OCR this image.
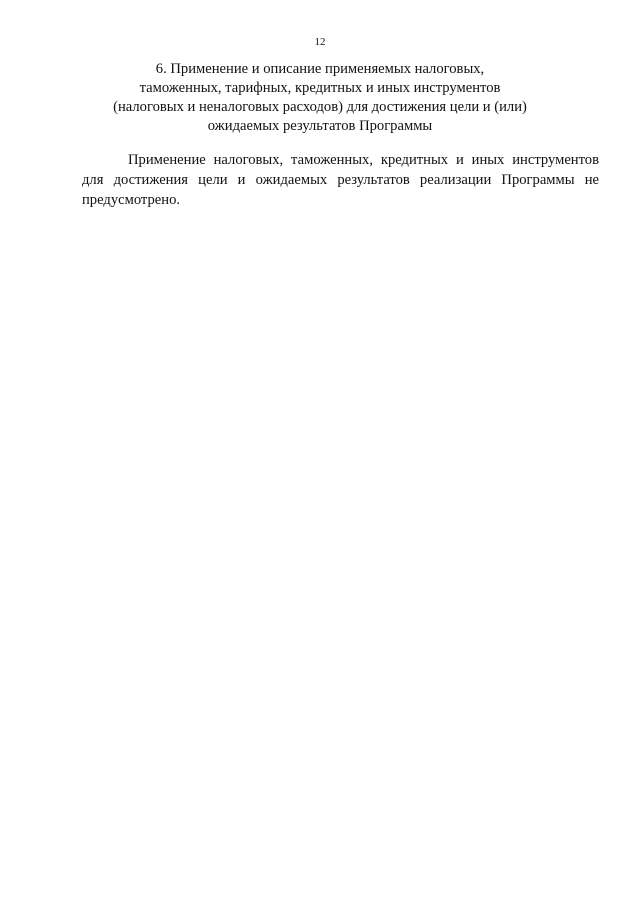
12
6. Применение и описание применяемых налоговых,
таможенных, тарифных, кредитных и иных инструментов
(налоговых и неналоговых расходов) для достижения цели и (или)
ожидаемых результатов Программы
Применение налоговых, таможенных, кредитных и иных инструментов
для достижения цели и ожидаемых результатов реализации Программы не
предусмотрено.
